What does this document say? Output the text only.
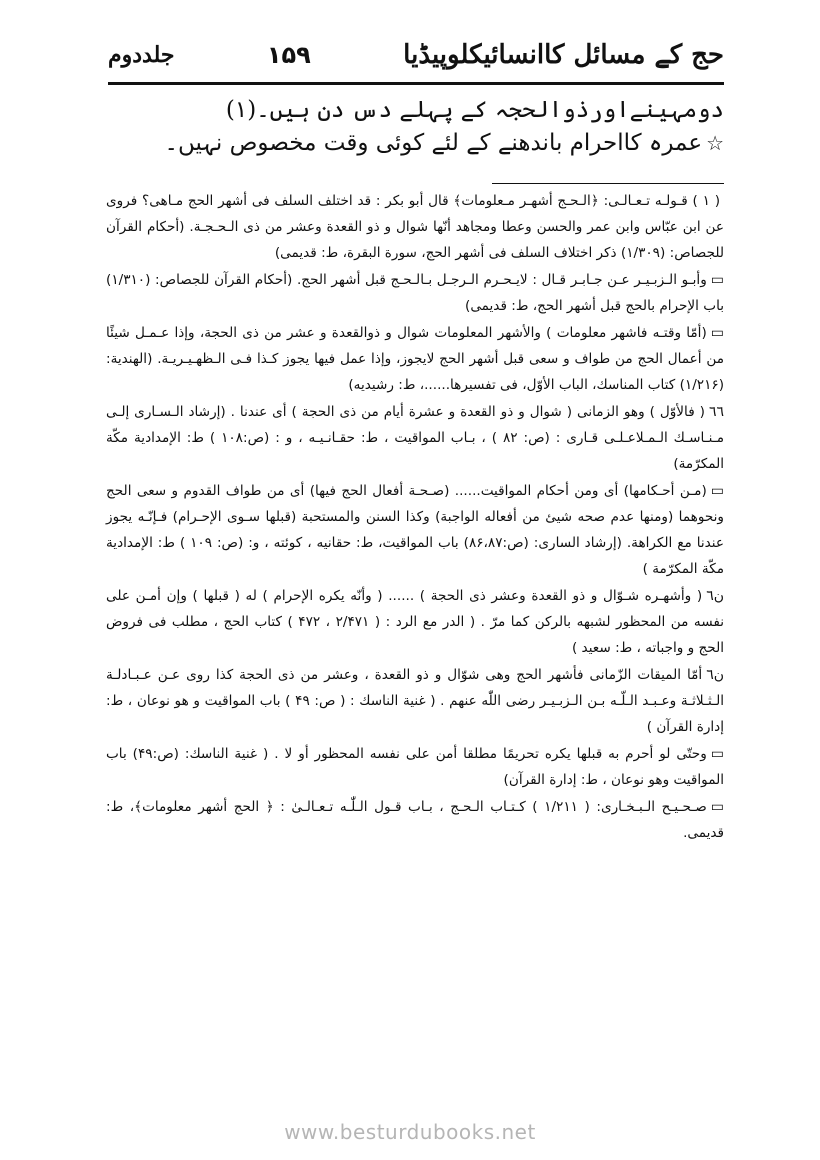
حج کے مسائل کاانسائیکلوپیڈیا
۱۵۹
جلددوم

دومہینےاورذوالحجہ کے پہلے دس دن ہیں۔(۱)

☆عمرہ کااحرام باندھنے کے لئے کوئی وقت مخصوص نہیں۔

( ۱ ) قـولـه تـعـالـى: ﴿الـحـج أشهـر مـعلومات﴾ قال أبو بكر : قد اختلف السلف فى أشهر الحج مـاهى؟ فروى عن ابن عبّاس وابن عمر والحسن وعطا ومجاهد أنّها شوال و ذو القعدة وعشر من ذى الـحـجـة. (أحكام القرآن للجصاص: (۱/۳۰۹) ذكر اختلاف السلف فى أشهر الحج، سورة البقرة، ط: قديمى)

▭وأبـو الـزبـيـر عـن جـابـر قـال : لايـحـرم الـرجـل بـالـحـج قبل أشهر الحج. (أحكام القرآن للجصاص: (۱/۳۱۰) باب الإحرام بالحج قبل أشهر الحج، ط: قديمى)

▭(أمّا وقتـه فاشهر معلومات ) والأشهر المعلومات شوال و ذوالقعدة و عشر من ذى الحجة، وإذا عـمـل شيئًا من أعمال الحج من طواف و سعى قبل أشهر الحج لايجوز، وإذا عمل فيها يجوز كـذا فـى الـظهـيـريـة. (الهندية: (۱/۲۱۶) كتاب المناسك، الباب الأوّل، فى تفسيرها......، ط: رشيديه)

٦٦( فالأوّل ) وهو الزمانى ( شوال و ذو القعدة و عشرة أيام من ذى الحجة ) أى عندنا . (إرشاد الـسـارى إلـى مـنـاسـك الـمـلاعـلـى قـارى : (ص: ۸۲ ) ، بـاب المواقيت ، ط: حقـانـيـه ، و : (ص:۱۰۸ ) ط: الإمدادية مكّة المكرّمة)

▭(مـن أحـكامها) أى ومن أحكام المواقيت...... (صـحـة أفعال الحج فيها) أى من طواف القدوم و سعى الحج ونحوهما (ومنها عدم صحه شيئ من أفعاله الواجبة) وكذا السنن والمستحبة (قبلها سـوى الإحـرام) فـإنّـه يجوز عندنا مع الكراهة. (إرشاد السارى: (ص:۸۶،۸۷) باب المواقيت، ط: حقانيه ، كوئته ، و: (ص: ۱۰۹ ) ط: الإمدادية مكّة المكرّمة )

ن٦( وأشهـره شـوّال و ذو القعدة وعشر ذى الحجة ) ...... ( وأنّه يكره الإحرام ) له ( قبلها ) وإن أمـن على نفسه من المحظور لشبهه بالركن كما مرّ . ( الدر مع الرد : ( ۲/۴۷۱ ، ۴۷۲ ) كتاب الحج ، مطلب فى فروض الحج و واجباته ، ط: سعيد )

ن٦أمّا الميقات الزّمانى فأشهر الحج وهى شوّال و ذو القعدة ، وعشر من ذى الحجة كذا روى عـن عـبـادلـة الـثـلاثـة وعـبـد الـلّـه بـن الـزبـيـر رضى اللّٰه عنهم . ( غنية الناسك : ( ص: ۴۹ ) باب المواقيت و هو نوعان ، ط: إدارة القرآن )

▭وحتّى لو أحرم به قبلها يكره تحريمًا مطلقا أمن على نفسه المحظور أو لا . ( غنية الناسك: (ص:۴۹) باب المواقيت وهو نوعان ، ط: إدارة القرآن)

▭صـحـيـح الـبـخـارى: ( ۱/۲۱۱ ) كـتـاب الـحـج ، بـاب قـول الـلّٰـه تـعـالـىٰ : ﴿ الحج أشهر معلومات﴾، ط: قديمى.

www.besturdubooks.net
